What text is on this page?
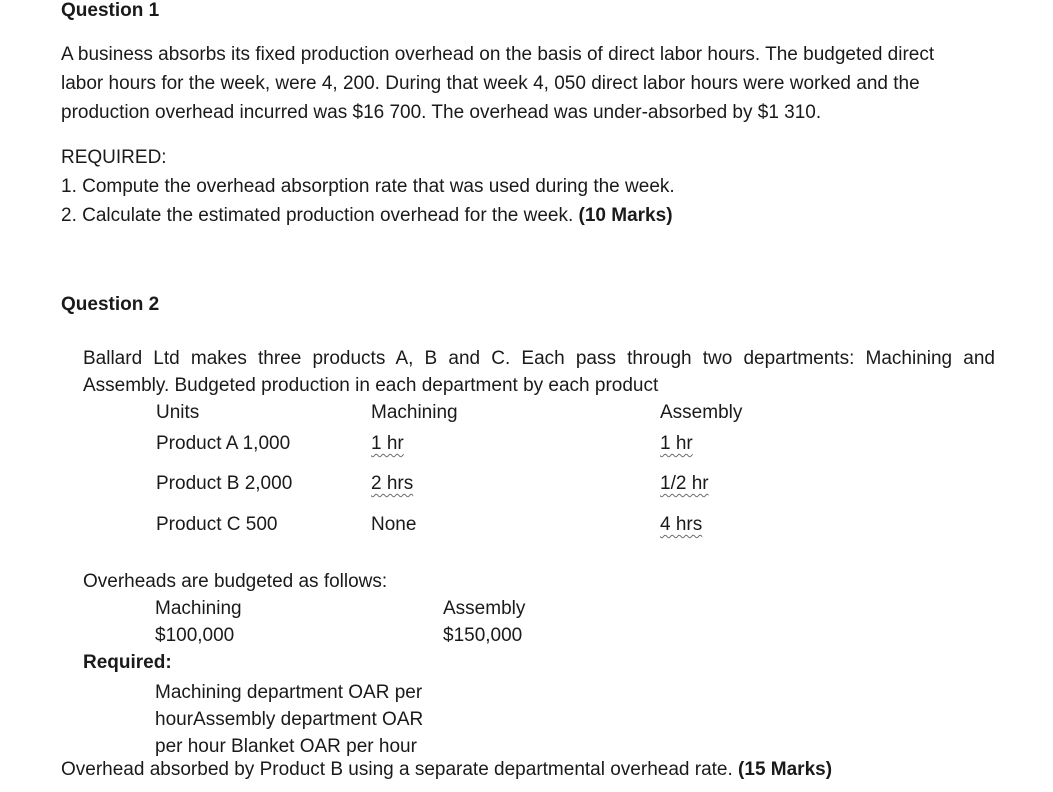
Question 1
A business absorbs its fixed production overhead on the basis of direct labor hours. The budgeted direct labor hours for the week, were 4, 200. During that week 4, 050 direct labor hours were worked and the production overhead incurred was $16 700. The overhead was under-absorbed by $1 310.
REQUIRED:
1. Compute the overhead absorption rate that was used during the week.
2. Calculate the estimated production overhead for the week. (10 Marks)
Question 2
Ballard Ltd makes three products A, B and C. Each pass through two departments: Machining and Assembly. Budgeted production in each department by each product
Units	Machining	Assembly
Product A 1,000	1 hr	1 hr
Product B 2,000	2 hrs	1/2 hr
Product C 500	None	4 hrs
Overheads are budgeted as follows:
Machining	Assembly
$100,000	$150,000
Required:
Machining department OAR per hourAssembly department OAR per hour Blanket OAR per hour
Overhead absorbed by Product B using a separate departmental overhead rate. (15 Marks)
